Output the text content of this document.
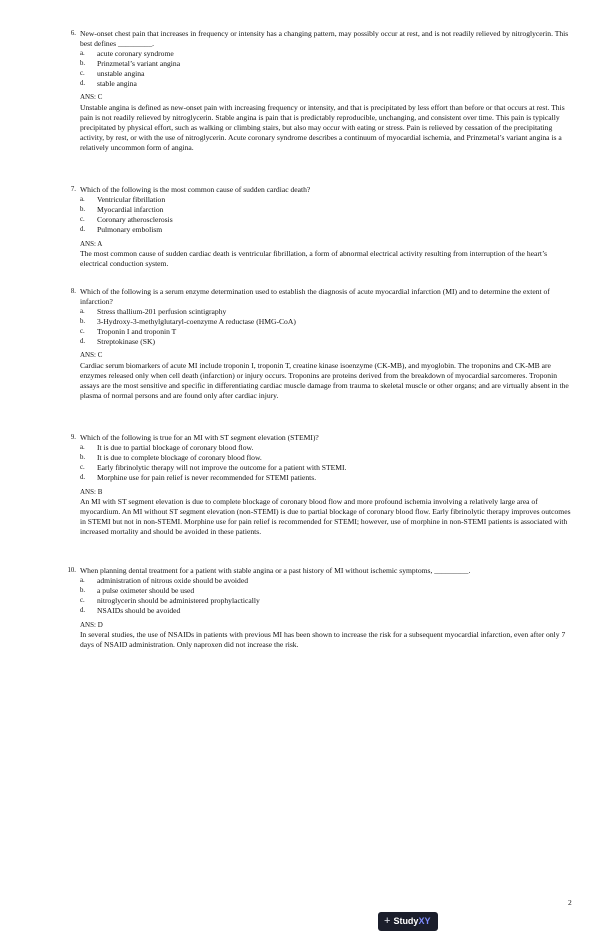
6. New-onset chest pain that increases in frequency or intensity has a changing pattern, may possibly occur at rest, and is not readily relieved by nitroglycerin. This best defines _________.
a. acute coronary syndrome
b. Prinzmetal’s variant angina
c. unstable angina
d. stable angina
ANS: C
Unstable angina is defined as new-onset pain with increasing frequency or intensity, and that is precipitated by less effort than before or that occurs at rest. This pain is not readily relieved by nitroglycerin. Stable angina is pain that is predictably reproducible, unchanging, and consistent over time. This pain is typically precipitated by physical effort, such as walking or climbing stairs, but also may occur with eating or stress. Pain is relieved by cessation of the precipitating activity, by rest, or with the use of nitroglycerin. Acute coronary syndrome describes a continuum of myocardial ischemia, and Prinzmetal’s variant angina is a relatively uncommon form of angina.
7. Which of the following is the most common cause of sudden cardiac death?
a. Ventricular fibrillation
b. Myocardial infarction
c. Coronary atherosclerosis
d. Pulmonary embolism
ANS: A
The most common cause of sudden cardiac death is ventricular fibrillation, a form of abnormal electrical activity resulting from interruption of the heart’s electrical conduction system.
8. Which of the following is a serum enzyme determination used to establish the diagnosis of acute myocardial infarction (MI) and to determine the extent of infarction?
a. Stress thallium-201 perfusion scintigraphy
b. 3-Hydroxy-3-methylglutaryl-coenzyme A reductase (HMG-CoA)
c. Troponin I and troponin T
d. Streptokinase (SK)
ANS: C
Cardiac serum biomarkers of acute MI include troponin I, troponin T, creatine kinase isoenzyme (CK-MB), and myoglobin. The troponins and CK-MB are enzymes released only when cell death (infarction) or injury occurs. Troponins are proteins derived from the breakdown of myocardial sarcomeres. Troponin assays are the most sensitive and specific in differentiating cardiac muscle damage from trauma to skeletal muscle or other organs; and are virtually absent in the plasma of normal persons and are found only after cardiac injury.
9. Which of the following is true for an MI with ST segment elevation (STEMI)?
a. It is due to partial blockage of coronary blood flow.
b. It is due to complete blockage of coronary blood flow.
c. Early fibrinolytic therapy will not improve the outcome for a patient with STEMI.
d. Morphine use for pain relief is never recommended for STEMI patients.
ANS: B
An MI with ST segment elevation is due to complete blockage of coronary blood flow and more profound ischemia involving a relatively large area of myocardium. An MI without ST segment elevation (non-STEMI) is due to partial blockage of coronary blood flow. Early fibrinolytic therapy improves outcomes in STEMI but not in non-STEMI. Morphine use for pain relief is recommended for STEMI; however, use of morphine in non-STEMI patients is associated with increased mortality and should be avoided in these patients.
10. When planning dental treatment for a patient with stable angina or a past history of MI without ischemic symptoms, _________.
a. administration of nitrous oxide should be avoided
b. a pulse oximeter should be used
c. nitroglycerin should be administered prophylactically
d. NSAIDs should be avoided
ANS: D
In several studies, the use of NSAIDs in patients with previous MI has been shown to increase the risk for a subsequent myocardial infarction, even after only 7 days of NSAID administration. Only naproxen did not increase the risk.
2
+ StudyXY
